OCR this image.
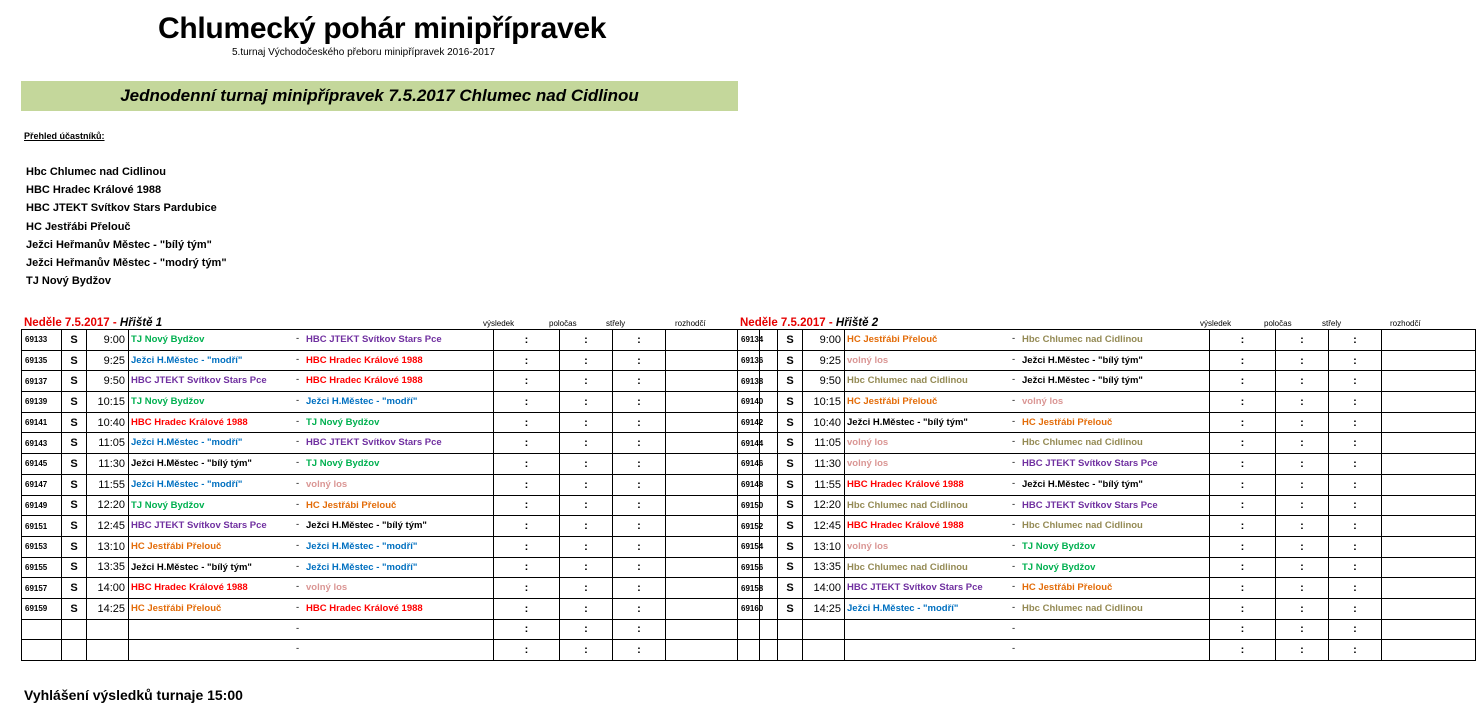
Chlumecký pohár minipřípravek
5.turnaj Východočeského přeboru minipřípravek 2016-2017
Jednodenní turnaj minipřípravek 7.5.2017 Chlumec nad Cidlinou
Přehled účastníků:
Hbc Chlumec nad Cidlinou
HBC Hradec Králové 1988
HBC JTEKT Svítkov Stars Pardubice
HC Jestřábi Přelouč
Ježci Heřmanův Městec - "bílý tým"
Ježci Heřmanův Městec - "modrý tým"
TJ Nový Bydžov
Neděle 7.5.2017 - Hřiště 1	výsledek	poločas	střely	rozhodčí	Neděle 7.5.2017 - Hřiště 2	výsledek	poločas	střely	rozhodčí
69133	S	9:00	TJ Nový Bydžov - HBC JTEKT Svítkov Stars Pce	:	:	:	
69135	S	9:25	Ježci H.Městec - "modří" - HBC Hradec Králové 1988	:	:	:	
69137	S	9:50	HBC JTEKT Svítkov Stars Pce - HBC Hradec Králové 1988	:	:	:	
69139	S	10:15	TJ Nový Bydžov - Ježci H.Městec - "modří"	:	:	:	
69141	S	10:40	HBC Hradec Králové 1988 - TJ Nový Bydžov	:	:	:	
69143	S	11:05	Ježci H.Městec - "modří" - HBC JTEKT Svítkov Stars Pce	:	:	:	
69145	S	11:30	Ježci H.Městec - "bílý tým" - TJ Nový Bydžov	:	:	:	
69147	S	11:55	Ježci H.Městec - "modří" - volný los	:	:	:	
69149	S	12:20	TJ Nový Bydžov - HC Jestřábi Přelouč	:	:	:	
69151	S	12:45	HBC JTEKT Svítkov Stars Pce - Ježci H.Městec - "bílý tým"	:	:	:	
69153	S	13:10	HC Jestřábi Přelouč - Ježci H.Městec - "modří"	:	:	:	
69155	S	13:35	Ježci H.Městec - "bílý tým" - Ježci H.Městec - "modří"	:	:	:	
69157	S	14:00	HBC Hradec Králové 1988 - volný los	:	:	:	
69159	S	14:25	HC Jestřábi Přelouč - HBC Hradec Králové 1988	:	:	:	

			-	:	:	:	

			-	:	:	:	
69134	S	9:00	HC Jestřábi Přelouč - Hbc Chlumec nad Cidlinou	:	:	:	
69136	S	9:25	volný los - Ježci H.Městec - "bílý tým"	:	:	:	
69138	S	9:50	Hbc Chlumec nad Cidlinou - Ježci H.Městec - "bílý tým"	:	:	:	
69140	S	10:15	HC Jestřábi Přelouč - volný los	:	:	:	
69142	S	10:40	Ježci H.Městec - "bílý tým" - HC Jestřábi Přelouč	:	:	:	
69144	S	11:05	volný los - Hbc Chlumec nad Cidlinou	:	:	:	
69146	S	11:30	volný los - HBC JTEKT Svítkov Stars Pce	:	:	:	
69148	S	11:55	HBC Hradec Králové 1988 - Ježci H.Městec - "bílý tým"	:	:	:	
69150	S	12:20	Hbc Chlumec nad Cidlinou - HBC JTEKT Svítkov Stars Pce	:	:	:	
69152	S	12:45	HBC Hradec Králové 1988 - Hbc Chlumec nad Cidlinou	:	:	:	
69154	S	13:10	volný los - TJ Nový Bydžov	:	:	:	
69156	S	13:35	Hbc Chlumec nad Cidlinou - TJ Nový Bydžov	:	:	:	
69158	S	14:00	HBC JTEKT Svítkov Stars Pce - HC Jestřábi Přelouč	:	:	:	
69160	S	14:25	Ježci H.Městec - "modří" - Hbc Chlumec nad Cidlinou	:	:	:	

			-	:	:	:	

			-	:	:	:	
Vyhlášení výsledků turnaje 15:00
